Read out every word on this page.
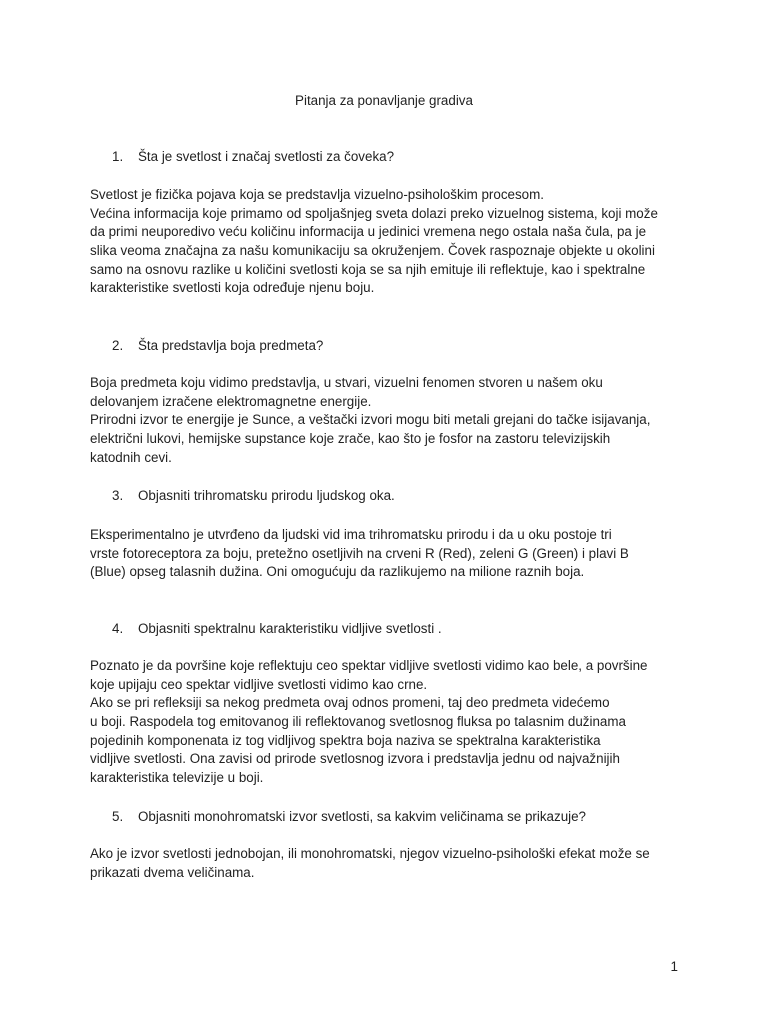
Pitanja za ponavljanje gradiva
1. Šta je svetlost i značaj svetlosti za čoveka?
Svetlost je fizička pojava koja se predstavlja vizuelno-psihološkim procesom.
Većina informacija koje primamo od spoljašnjeg sveta dolazi preko vizuelnog sistema, koji može
da primi neuporedivo veću količinu informacija u jedinici vremena nego ostala naša čula, pa je
slika veoma značajna za našu komunikaciju sa okruženjem. Čovek raspoznaje objekte u okolini
samo na osnovu razlike u količini svetlosti koja se sa njih emituje ili reflektuje, kao i spektralne
karakteristike svetlosti koja određuje njenu boju.
2. Šta predstavlja boja predmeta?
Boja predmeta koju vidimo predstavlja, u stvari, vizuelni fenomen stvoren u našem oku
delovanjem izračene elektromagnetne energije.
Prirodni izvor te energije je Sunce, a veštački izvori mogu biti metali grejani do tačke isijavanja,
električni lukovi, hemijske supstance koje zrače, kao što je fosfor na zastoru televizijskih
katodnih cevi.
3. Objasniti trihromatsku prirodu ljudskog oka.
Eksperimentalno je utvrđeno da ljudski vid ima trihromatsku prirodu i da u oku postoje tri
vrste fotoreceptora za boju, pretežno osetljivih na crveni R (Red), zeleni G (Green) i plavi B
(Blue) opseg talasnih dužina. Oni omogućuju da razlikujemo na milione raznih boja.
4. Objasniti spektralnu karakteristiku vidljive svetlosti .
Poznato je da površine koje reflektuju ceo spektar vidljive svetlosti vidimo kao bele, a površine
koje upijaju ceo spektar vidljive svetlosti vidimo kao crne.
Ako se pri refleksiji sa nekog predmeta ovaj odnos promeni, taj deo predmeta videćemo
u boji. Raspodela tog emitovanog ili reflektovanog svetlosnog fluksa po talasnim dužinama
pojedinih komponenata iz tog vidljivog spektra boja naziva se spektralna karakteristika
vidljive svetlosti. Ona zavisi od prirode svetlosnog izvora i predstavlja jednu od najvažnijih
karakteristika televizije u boji.
5. Objasniti monohromatski izvor svetlosti, sa kakvim veličinama se prikazuje?
Ako je izvor svetlosti jednobojan, ili monohromatski, njegov vizuelno-psihološki efekat može se
prikazati dvema veličinama.
1
